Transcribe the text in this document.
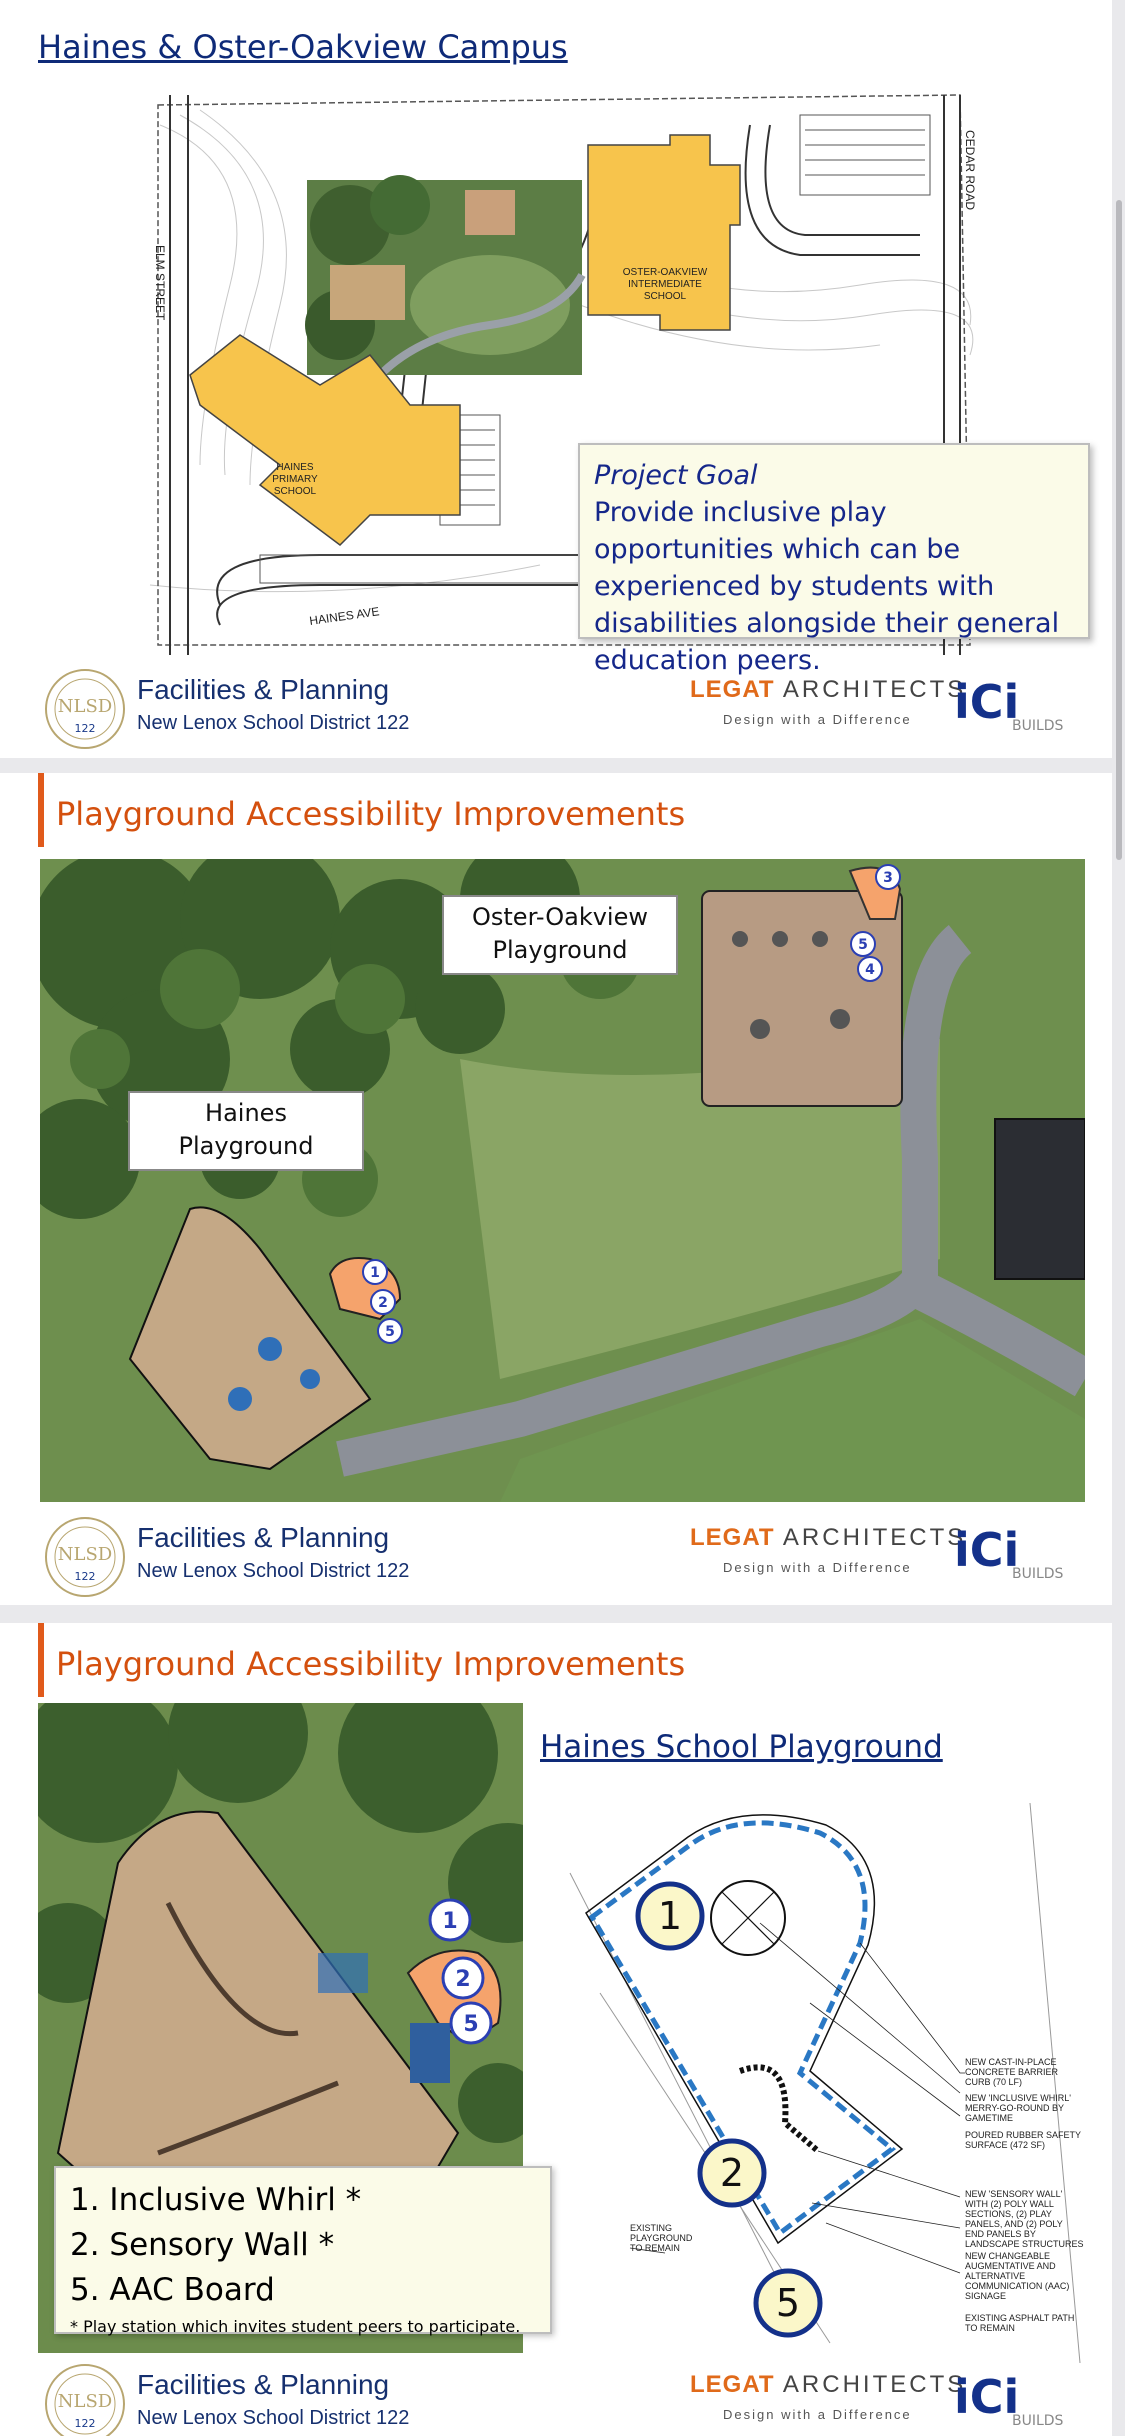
Haines & Oster-Oakview Campus
OSTER-OAKVIEW
INTERMEDIATE
SCHOOL
HAINES
PRIMARY
SCHOOL
ELM STREET
CEDAR ROAD
HAINES AVE
Project Goal
Provide inclusive play opportunities which can be experienced by students with disabilities alongside their general education peers.
NLSD
122
Facilities & Planning
New Lenox School District 122
LEGAT ARCHITECTS
Design with a Difference iCi
BUILDS
Playground Accessibility Improvements
1
2
5
3
5
4
Oster-Oakview
Playground
Haines
Playground
NLSD
122
Facilities & Planning
New Lenox School District 122
LEGAT ARCHITECTS
Design with a Difference iCi
BUILDS
Playground Accessibility Improvements
1
2
5
1. Inclusive Whirl *
2. Sensory Wall *
5. AAC Board
* Play station which invites student peers to participate.
Haines School Playground
NEW CAST-IN-PLACE CONCRETE BARRIER CURB (70 LF)
NEW 'INCLUSIVE WHIRL' MERRY-GO-ROUND BY GAMETIME
POURED RUBBER SAFETY SURFACE (472 SF)
NEW 'SENSORY WALL' WITH (2) POLY WALL SECTIONS, (2) PLAY PANELS, AND (2) POLY END PANELS BY LANDSCAPE STRUCTURES
NEW CHANGEABLE AUGMENTATIVE AND ALTERNATIVE COMMUNICATION (AAC) SIGNAGE
EXISTING ASPHALT PATH TO REMAIN
EXISTING PLAYGROUND TO REMAIN
1
2
5
NLSD
122
Facilities & Planning
New Lenox School District 122
LEGAT ARCHITECTS
Design with a Difference iCi
BUILDS
